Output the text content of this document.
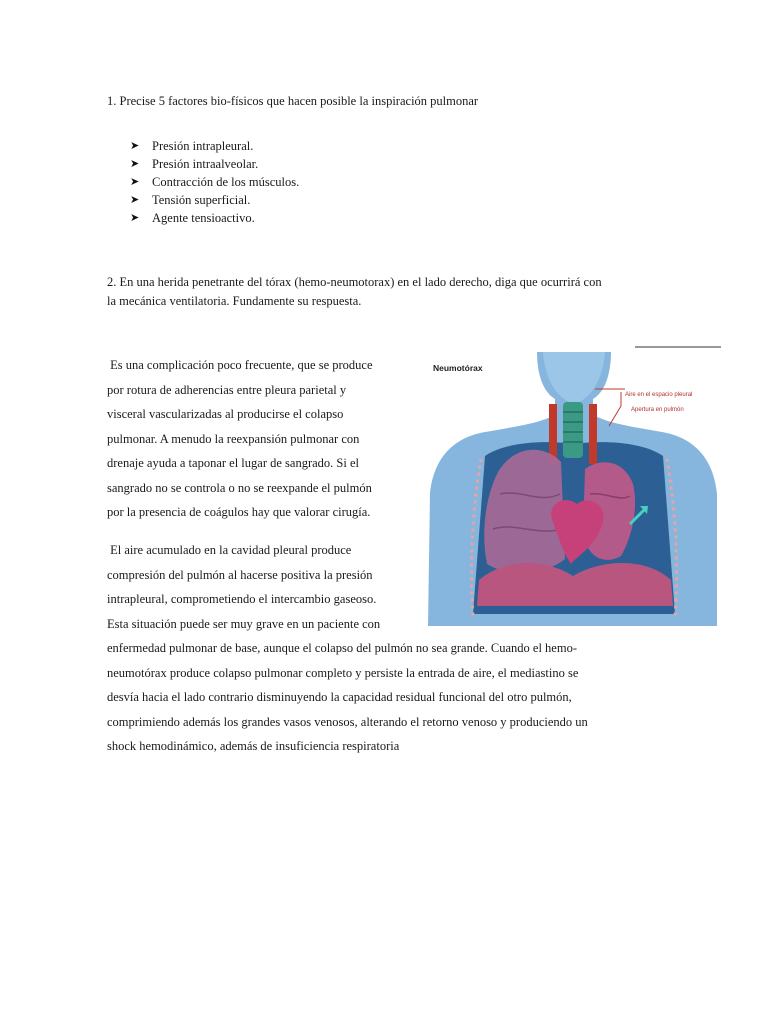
1. Precise 5 factores bio-físicos que hacen posible la inspiración pulmonar
➤	Presión intrapleural.
➤	Presión intraalveolar.
➤	Contracción de los músculos.
➤	Tensión superficial.
➤	Agente tensioactivo.
2. En una herida penetrante del tórax (hemo-neumotorax) en el lado derecho, diga que ocurrirá con
la mecánica ventilatoria. Fundamente su respuesta.
Es una complicación poco frecuente, que se produce
por rotura de adherencias entre pleura parietal y
visceral vascularizadas al producirse el colapso
pulmonar. A menudo la reexpansión pulmonar con
drenaje ayuda a taponar el lugar de sangrado. Si el
sangrado no se controla o no se reexpande el pulmón
por la presencia de coágulos hay que valorar cirugía.
El aire acumulado en la cavidad pleural produce
compresión del pulmón al hacerse positiva la presión
intrapleural, comprometiendo el intercambio gaseoso.
Esta situación puede ser muy grave en un paciente con
enfermedad pulmonar de base, aunque el colapso del pulmón no sea grande. Cuando el hemo-
neumotórax produce colapso pulmonar completo y persiste la entrada de aire, el mediastino se
desvía hacia el lado contrario disminuyendo la capacidad residual funcional del otro pulmón,
comprimiendo además los grandes vasos venosos, alterando el retorno venoso y produciendo un
shock hemodinámico, además de insuficiencia respiratoria
Neumotórax
Aire en el espacio pleural
Apertura en pulmón
